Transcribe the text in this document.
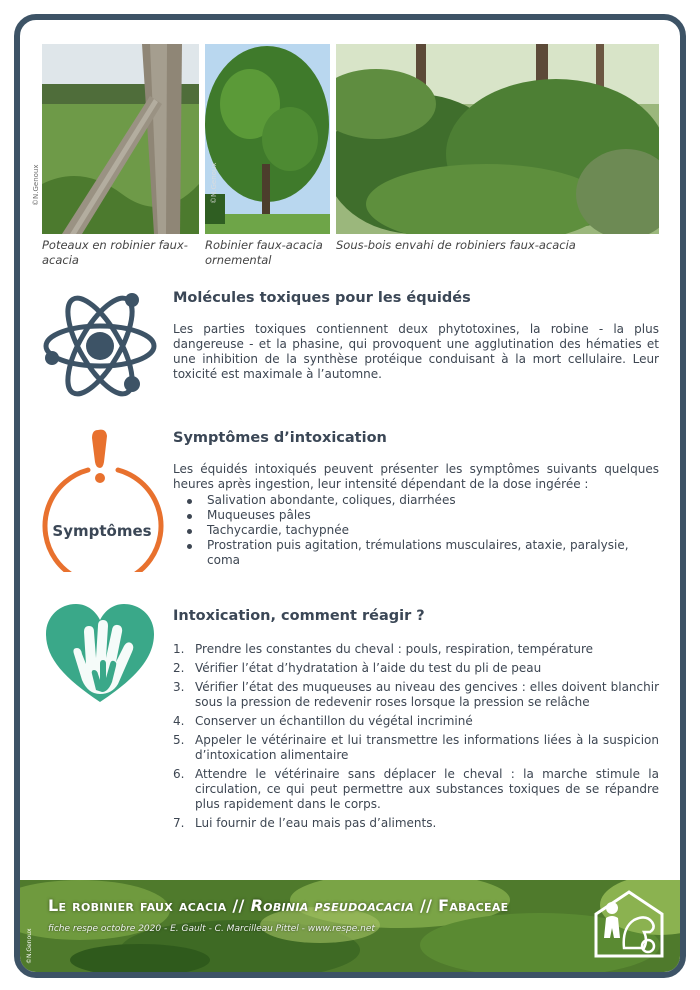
©N.Genoux	©N.Genoux
Poteaux en robinier faux-acacia
Robinier faux-acacia ornemental
Sous-bois envahi de robiniers faux-acacia
Molécules toxiques pour les équidés
Les parties toxiques contiennent deux phytotoxines, la robine - la plus dangereuse - et la phasine, qui provoquent une agglutination des hématies et une inhibition de la synthèse protéique conduisant à la mort cellulaire. Leur toxicité est maximale à l’automne.
Symptômes
Symptômes d’intoxication
Les équidés intoxiqués peuvent présenter les symptômes suivants quelques heures après ingestion, leur intensité dépendant de la dose ingérée :
Salivation abondante, coliques, diarrhées
Muqueuses pâles
Tachycardie, tachypnée
Prostration puis agitation, trémulations musculaires, ataxie, paralysie, coma
Intoxication, comment réagir ?
1. Prendre les constantes du cheval : pouls, respiration, température
2. Vérifier l’état d’hydratation à l’aide du test du pli de peau
3. Vérifier l’état des muqueuses au niveau des gencives : elles doivent blanchir sous la pression de redevenir roses lorsque la pression se relâche
4. Conserver un échantillon du végétal incriminé
5. Appeler le vétérinaire et lui transmettre les informations liées à la suspicion d’intoxication alimentaire
6. Attendre le vétérinaire sans déplacer le cheval : la marche stimule la circulation, ce qui peut permettre aux substances toxiques de se répandre plus rapidement dans le corps.
7. Lui fournir de l’eau mais pas d’aliments.
Le robinier faux acacia // Robinia pseudoacacia // Fabaceae
fiche respe octobre 2020 - E. Gault - C. Marcilleau Pittel - www.respe.net
©N.Genoux
